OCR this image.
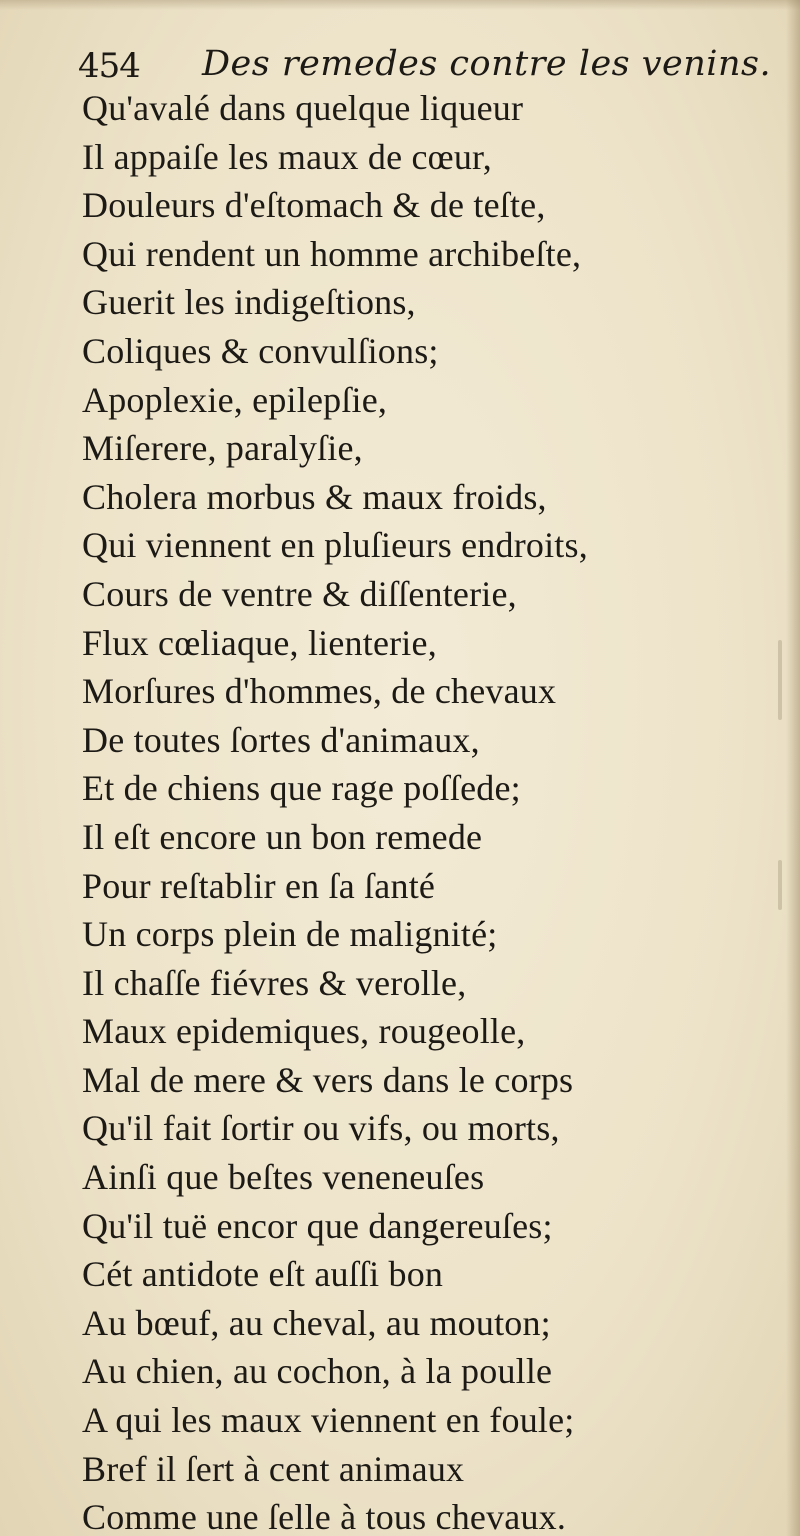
454 Des remedes contre les venins.
Qu'avalé dans quelque liqueur
Il appaiſe les maux de cœur,
Douleurs d'eſtomach & de teſte,
Qui rendent un homme archibeſte,
Guerit les indigeſtions,
Coliques & convulſions;
Apoplexie, epilepſie,
Miſerere, paralyſie,
Cholera morbus & maux froids,
Qui viennent en pluſieurs endroits,
Cours de ventre & diſſenterie,
Flux cœliaque, lienterie,
Morſures d'hommes, de chevaux
De toutes ſortes d'animaux,
Et de chiens que rage poſſede;
Il eſt encore un bon remede
Pour reſtablir en ſa ſanté
Un corps plein de malignité;
Il chaſſe fiévres & verolle,
Maux epidemiques, rougeolle,
Mal de mere & vers dans le corps
Qu'il fait ſortir ou vifs, ou morts,
Ainſi que beſtes veneneuſes
Qu'il tuë encor que dangereuſes;
Cét antidote eſt auſſi bon
Au bœuf, au cheval, au mouton;
Au chien, au cochon, à la poulle
A qui les maux viennent en foule;
Bref il ſert à cent animaux
Comme une ſelle à tous chevaux.
